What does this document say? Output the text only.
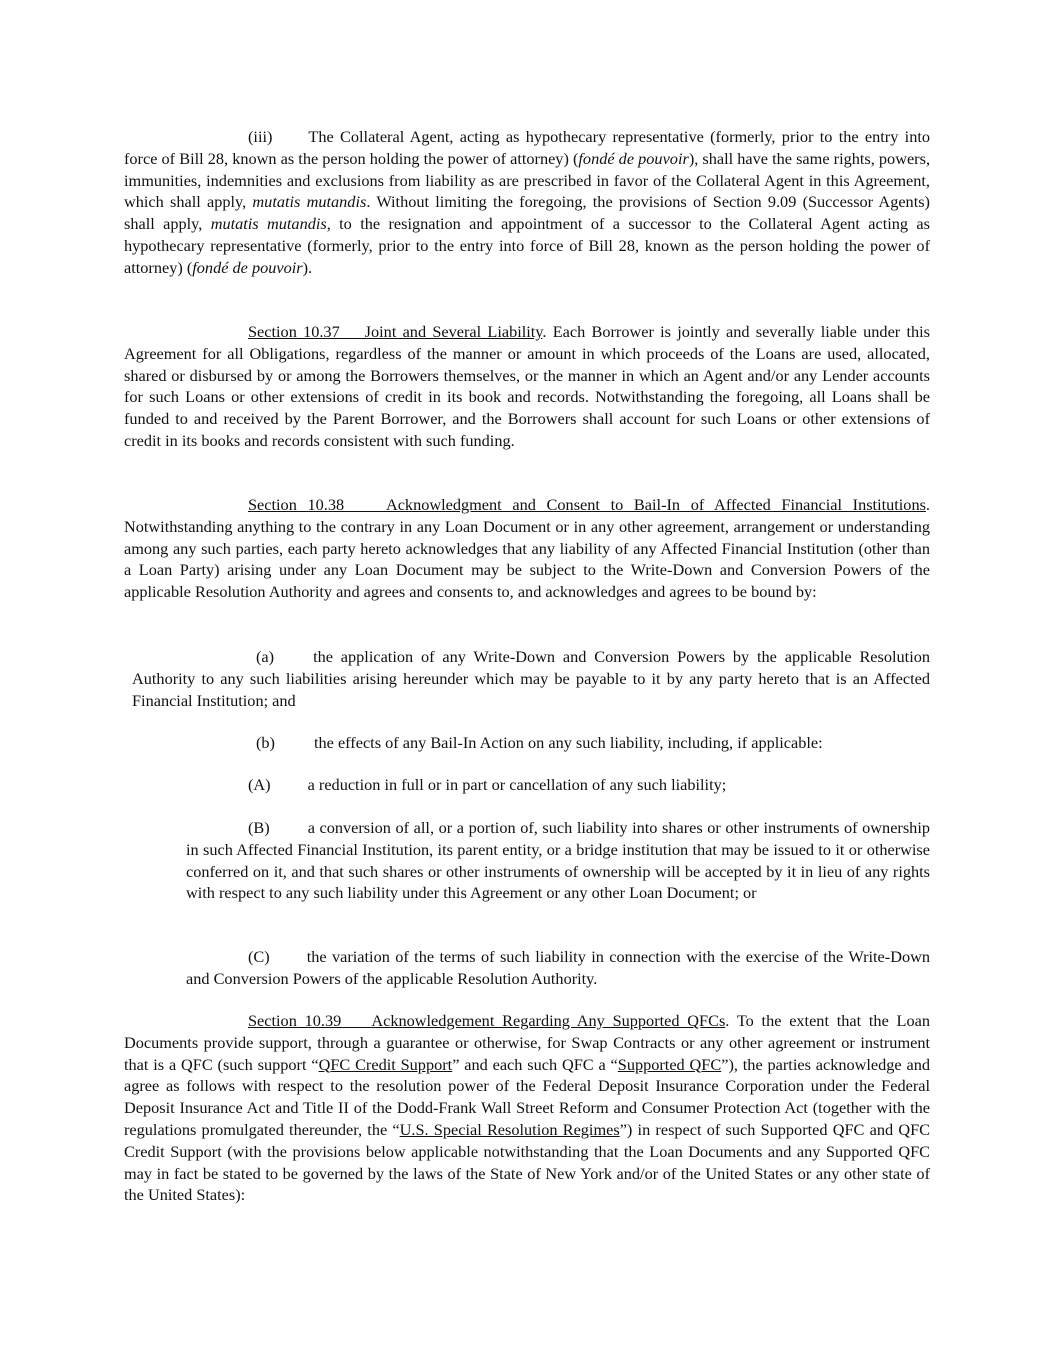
(iii) The Collateral Agent, acting as hypothecary representative (formerly, prior to the entry into force of Bill 28, known as the person holding the power of attorney) (fondé de pouvoir), shall have the same rights, powers, immunities, indemnities and exclusions from liability as are prescribed in favor of the Collateral Agent in this Agreement, which shall apply, mutatis mutandis. Without limiting the foregoing, the provisions of Section 9.09 (Successor Agents) shall apply, mutatis mutandis, to the resignation and appointment of a successor to the Collateral Agent acting as hypothecary representative (formerly, prior to the entry into force of Bill 28, known as the person holding the power of attorney) (fondé de pouvoir).

Section 10.37    Joint and Several Liability. Each Borrower is jointly and severally liable under this Agreement for all Obligations, regardless of the manner or amount in which proceeds of the Loans are used, allocated, shared or disbursed by or among the Borrowers themselves, or the manner in which an Agent and/or any Lender accounts for such Loans or other extensions of credit in its book and records. Notwithstanding the foregoing, all Loans shall be funded to and received by the Parent Borrower, and the Borrowers shall account for such Loans or other extensions of credit in its books and records consistent with such funding.

Section 10.38    Acknowledgment and Consent to Bail-In of Affected Financial Institutions. Notwithstanding anything to the contrary in any Loan Document or in any other agreement, arrangement or understanding among any such parties, each party hereto acknowledges that any liability of any Affected Financial Institution (other than a Loan Party) arising under any Loan Document may be subject to the Write-Down and Conversion Powers of the applicable Resolution Authority and agrees and consents to, and acknowledges and agrees to be bound by:

(a) the application of any Write-Down and Conversion Powers by the applicable Resolution Authority to any such liabilities arising hereunder which may be payable to it by any party hereto that is an Affected Financial Institution; and

(b) the effects of any Bail-In Action on any such liability, including, if applicable:

(A) a reduction in full or in part or cancellation of any such liability;

(B) a conversion of all, or a portion of, such liability into shares or other instruments of ownership in such Affected Financial Institution, its parent entity, or a bridge institution that may be issued to it or otherwise conferred on it, and that such shares or other instruments of ownership will be accepted by it in lieu of any rights with respect to any such liability under this Agreement or any other Loan Document; or

(C) the variation of the terms of such liability in connection with the exercise of the Write-Down and Conversion Powers of the applicable Resolution Authority.

Section 10.39    Acknowledgement Regarding Any Supported QFCs. To the extent that the Loan Documents provide support, through a guarantee or otherwise, for Swap Contracts or any other agreement or instrument that is a QFC (such support “QFC Credit Support” and each such QFC a “Supported QFC”), the parties acknowledge and agree as follows with respect to the resolution power of the Federal Deposit Insurance Corporation under the Federal Deposit Insurance Act and Title II of the Dodd-Frank Wall Street Reform and Consumer Protection Act (together with the regulations promulgated thereunder, the “U.S. Special Resolution Regimes”) in respect of such Supported QFC and QFC Credit Support (with the provisions below applicable notwithstanding that the Loan Documents and any Supported QFC may in fact be stated to be governed by the laws of the State of New York and/or of the United States or any other state of the United States):
